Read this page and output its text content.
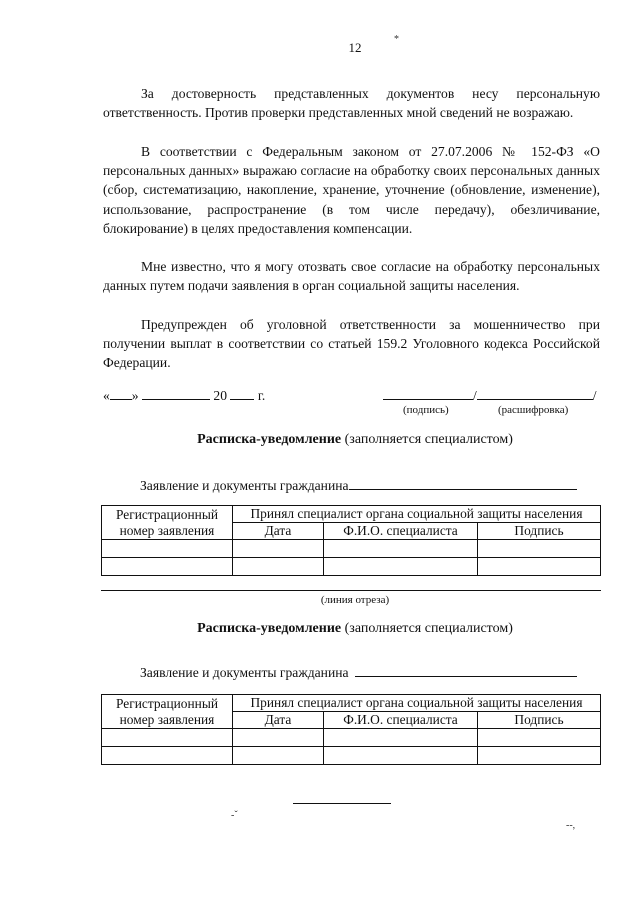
12
*
За достоверность представленных документов несу персональную ответственность. Против проверки представленных мной сведений не возражаю.
В соответствии с Федеральным законом от 27.07.2006 № 152-ФЗ «О персональных данных» выражаю согласие на обработку своих персональных данных (сбор, систематизацию, накопление, хранение, уточнение (обновление, изменение), использование, распространение (в том числе передачу), обезличивание, блокирование) в целях предоставления компенсации.
Мне известно, что я могу отозвать свое согласие на обработку персональных данных путем подачи заявления в орган социальной защиты населения.
Предупрежден об уголовной ответственности за мошенничество при получении выплат в соответствии со статьей 159.2 Уголовного кодекса Российской Федерации.
« »	20 г.	/	/
(подпись)	(расшифровка)
Расписка-уведомление (заполняется специалистом)
Заявление и документы гражданина
Регистрационный номер заявления	Принял специалист органа социальной защиты населения		
	Дата	Ф.И.О. специалиста	Подпись

(линия отреза)
Расписка-уведомление (заполняется специалистом)
Заявление и документы гражданина
Регистрационный номер заявления	Принял специалист органа социальной защиты населения		
	Дата	Ф.И.О. специалиста	Подпись

-ˇ
--,
